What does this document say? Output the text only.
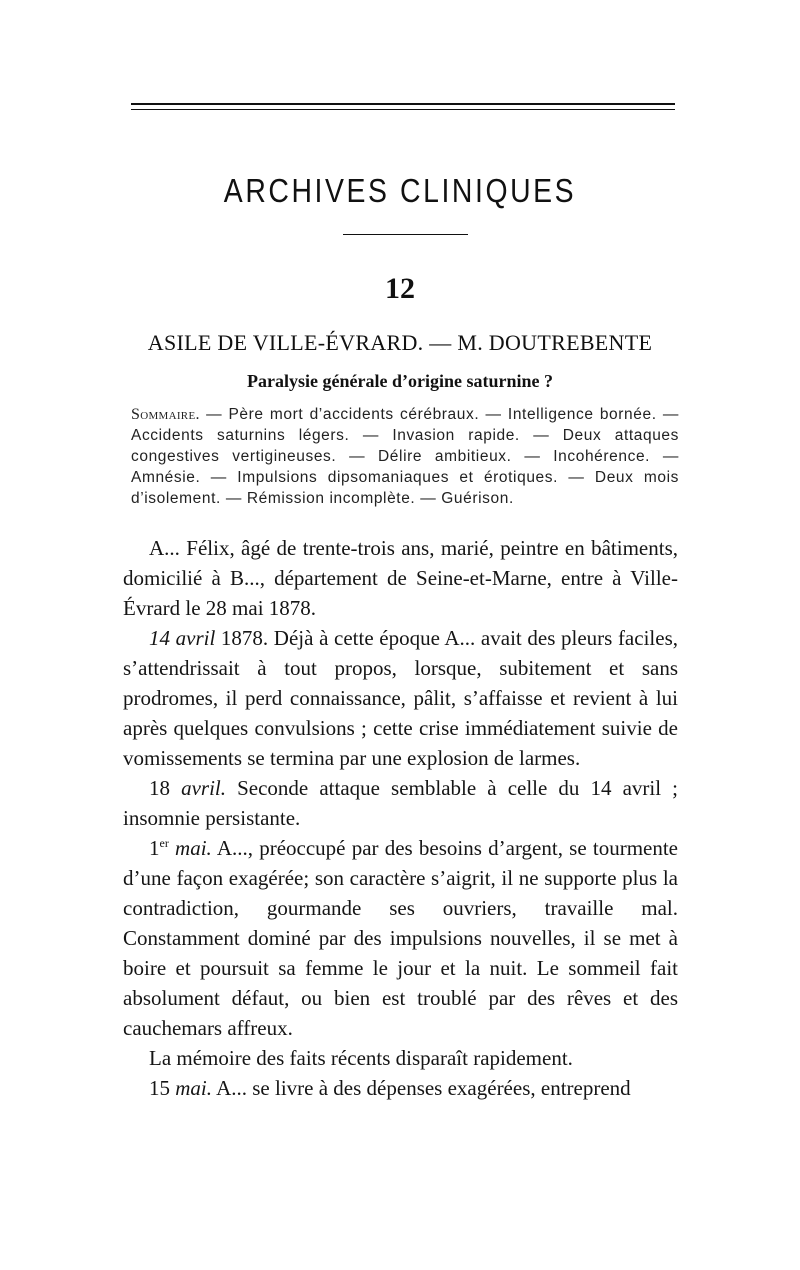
ARCHIVES CLINIQUES
12
ASILE DE VILLE-ÉVRARD. — M. DOUTREBENTE
Paralysie générale d’origine saturnine ?
Sommaire. — Père mort d’accidents cérébraux. — Intelligence bornée. — Accidents saturnins légers. — Invasion rapide. — Deux attaques congestives vertigineuses. — Délire ambitieux. — Incohérence. — Amnésie. — Impulsions dipsomaniaques et érotiques. — Deux mois d’isolement. — Rémission incomplète. — Guérison.

A... Félix, âgé de trente-trois ans, marié, peintre en bâtiments, domicilié à B..., département de Seine-et-Marne, entre à Ville-Évrard le 28 mai 1878.

14 avril 1878. Déjà à cette époque A... avait des pleurs faciles, s’attendrissait à tout propos, lorsque, subitement et sans prodromes, il perd connaissance, pâlit, s’affaisse et revient à lui après quelques convulsions ; cette crise immédiatement suivie de vomissements se termina par une explosion de larmes.

18 avril. Seconde attaque semblable à celle du 14 avril ; insomnie persistante.

1er mai. A..., préoccupé par des besoins d’argent, se tourmente d’une façon exagérée; son caractère s’aigrit, il ne supporte plus la contradiction, gourmande ses ouvriers, travaille mal. Constamment dominé par des impulsions nouvelles, il se met à boire et poursuit sa femme le jour et la nuit. Le sommeil fait absolument défaut, ou bien est troublé par des rêves et des cauchemars affreux.

La mémoire des faits récents disparaît rapidement.

15 mai. A... se livre à des dépenses exagérées, entreprend
